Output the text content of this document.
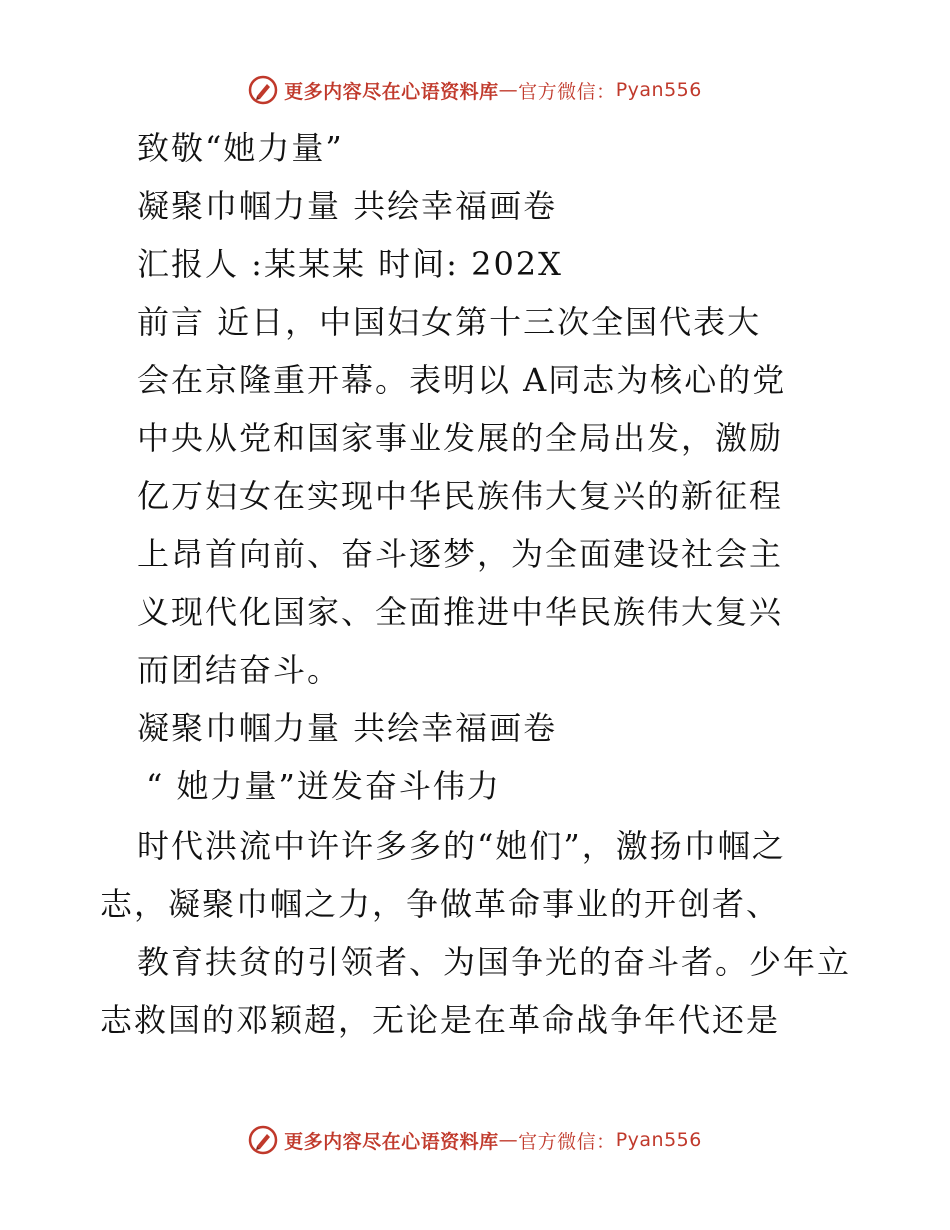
更多内容尽在心语资料库 — 官方微信： Pyan556
致敬“她力量”
凝聚巾帼力量 共绘幸福画卷
汇报人 :某某某 时间: 202X
前言 近日，中国妇女第十三次全国代表大
会在京隆重开幕。表明以 A同志为核心的党
中央从党和国家事业发展的全局出发，激励
亿万妇女在实现中华民族伟大复兴的新征程
上昂首向前、奋斗逐梦，为全面建设社会主
义现代化国家、全面推进中华民族伟大复兴
而团结奋斗。
凝聚巾帼力量 共绘幸福画卷
“ 她力量”迸发奋斗伟力
时代洪流中许许多多的“她们”，激扬巾帼之
志，凝聚巾帼之力，争做革命事业的开创者、
教育扶贫的引领者、为国争光的奋斗者。少年立
志救国的邓颖超，无论是在革命战争年代还是
更多内容尽在心语资料库 — 官方微信： Pyan556
